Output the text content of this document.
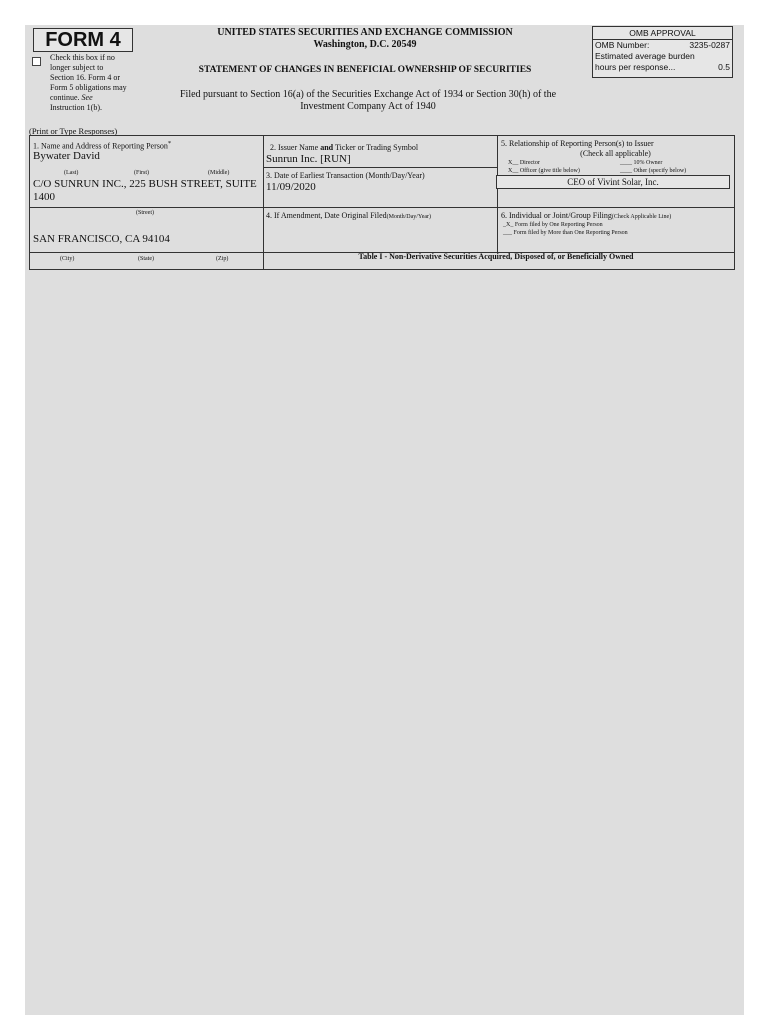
FORM 4
Check this box if no
longer subject to
Section 16. Form 4 or
Form 5 obligations may
continue. See
Instruction 1(b).
UNITED STATES SECURITIES AND EXCHANGE COMMISSION
Washington, D.C. 20549
STATEMENT OF CHANGES IN BENEFICIAL OWNERSHIP OF SECURITIES
Filed pursuant to Section 16(a) of the Securities Exchange Act of 1934 or Section 30(h) of the
Investment Company Act of 1940
OMB APPROVAL
OMB Number:	3235-0287
Estimated average burden
hours per response...	0.5
(Print or Type Responses)
1. Name and Address of Reporting Person*
Bywater David
(Last)	(First)	(Middle)
C/O SUNRUN INC., 225 BUSH STREET, SUITE
1400
(Street)
SAN FRANCISCO, CA 94104
(City)	(State)	(Zip)
2. Issuer Name and Ticker or Trading Symbol
Sunrun Inc. [RUN]
3. Date of Earliest Transaction (Month/Day/Year)
11/09/2020
4. If Amendment, Date Original Filed(Month/Day/Year)
5. Relationship of Reporting Person(s) to Issuer
(Check all applicable)
X__ Director	____ 10% Owner
X__ Officer (give title below)	____ Other (specify below)
6. Individual or Joint/Group Filing(Check Applicable Line)
_X_ Form filed by One Reporting Person
___ Form filed by More than One Reporting Person
CEO of Vivint Solar, Inc.
Table I - Non-Derivative Securities Acquired, Disposed of, or Beneficially Owned
